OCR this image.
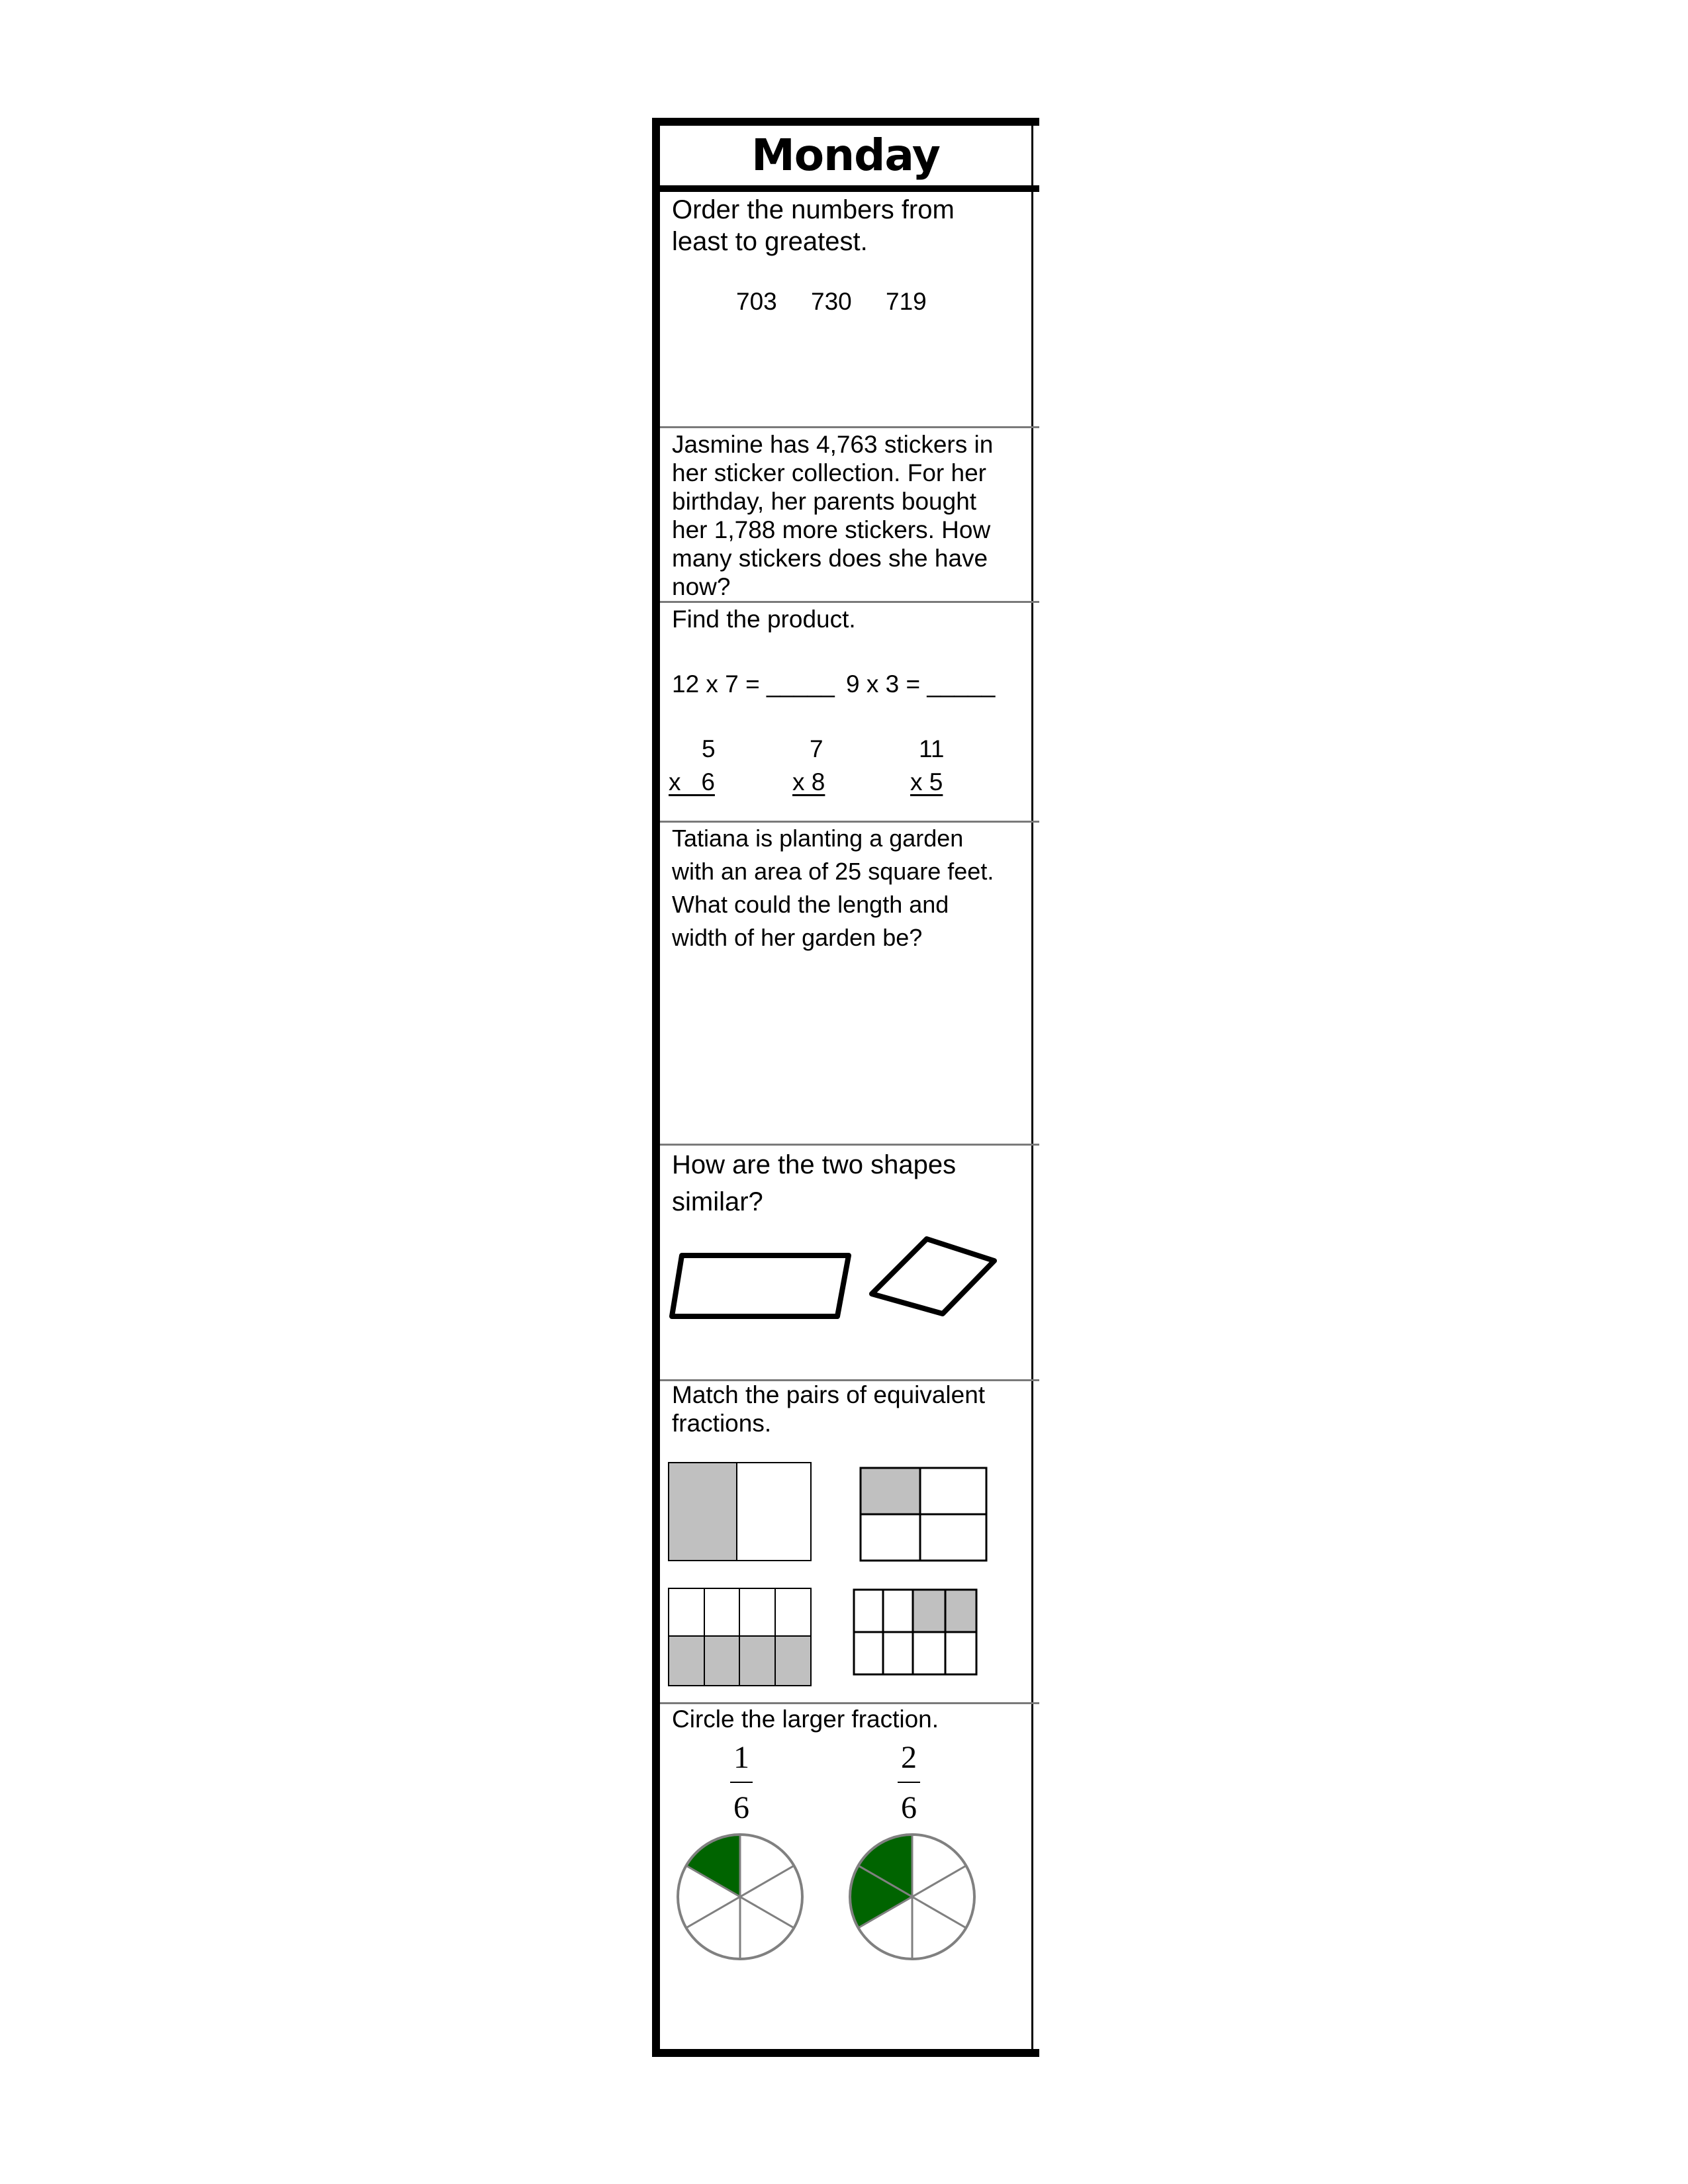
Monday
Order the numbers from
least to greatest.
703 730 719
Jasmine has 4,763 stickers in
her sticker collection. For her
birthday, her parents bought
her 1,788 more stickers. How
many stickers does she have
now?
Find the product.
12 x 7 = _____ 9 x 3 = _____
5
x   6
7
x 8
11
x 5
Tatiana is planting a garden
with an area of 25 square feet.
What could the length and
width of her garden be?
How are the two shapes
similar?
Match the pairs of equivalent
fractions.
Circle the larger fraction.
1
6
2
6
